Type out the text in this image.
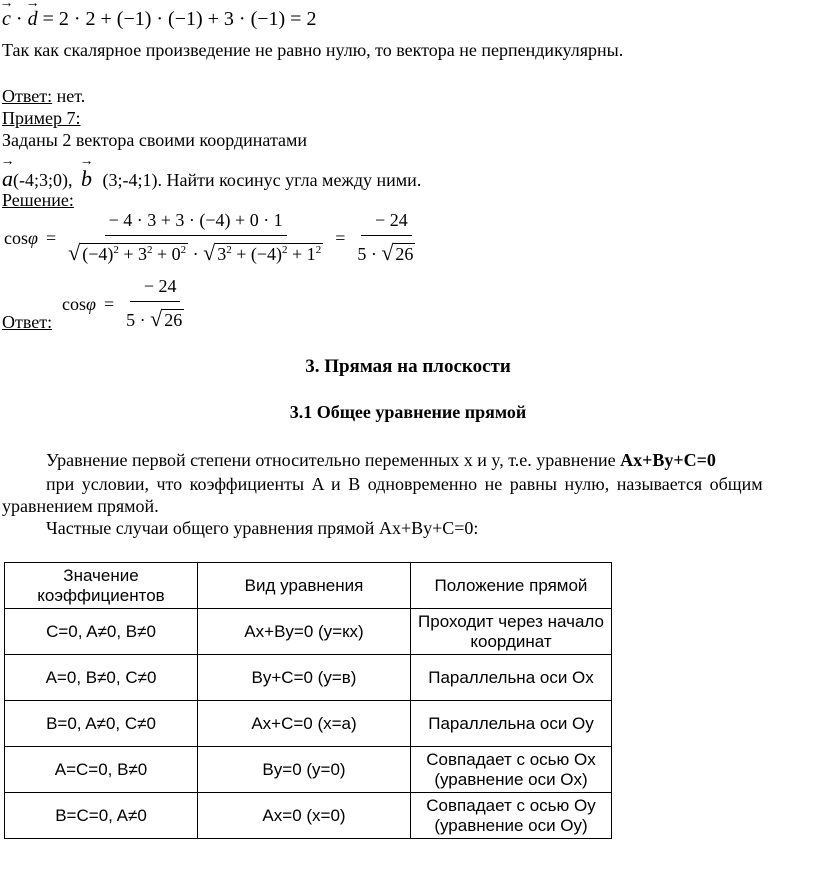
→ c · → d = 2 · 2 + (−1) · (−1) + 3 · (−1) = 2
Так как скалярное произведение не равно нулю, то вектора не перпендикулярны.
Ответ: нет.
Пример 7:
Заданы 2 вектора своими координатами
→ a(-4;3;0), → b (3;-4;1). Найти косинус угла между ними.
Решение:
$\cos \varphi = \frac{- 4 \cdot 3 + 3 \cdot (-4) + 0 \cdot 1}{√ (-4)^2 + 3^2 + 0^2 \cdot √ 3^2 + (-4)^2 + 1^2} = \frac{- 24}{5 \cdot √ 26}$
Ответ:
$\cos \varphi = \frac{- 24}{5 \cdot √ 26}$
3. Прямая на плоскости
3.1 Общее уравнение прямой
Уравнение первой степени относительно переменных x и y, т.е. уравнение Ax+By+C=0
при условии, что коэффициенты A и B одновременно не равны нулю, называется общим
уравнением прямой.
Частные случаи общего уравнения прямой Ax+By+C=0:
Значение коэффициентов	Вид уравнения	Положение прямой
C=0, A≠0, B≠0	Ax+By=0 (y=кx)	Проходит через начало координат
A=0, B≠0, C≠0	By+C=0 (y=в)	Параллельна оси Ox
B=0, A≠0, C≠0	Ax+C=0 (x=a)	Параллельна оси Oy
A=C=0, B≠0	By=0 (y=0)	Совпадает с осью Ox (уравнение оси Ox)
B=C=0, A≠0	Ax=0 (x=0)	Совпадает с осью Oy (уравнение оси Oy)
